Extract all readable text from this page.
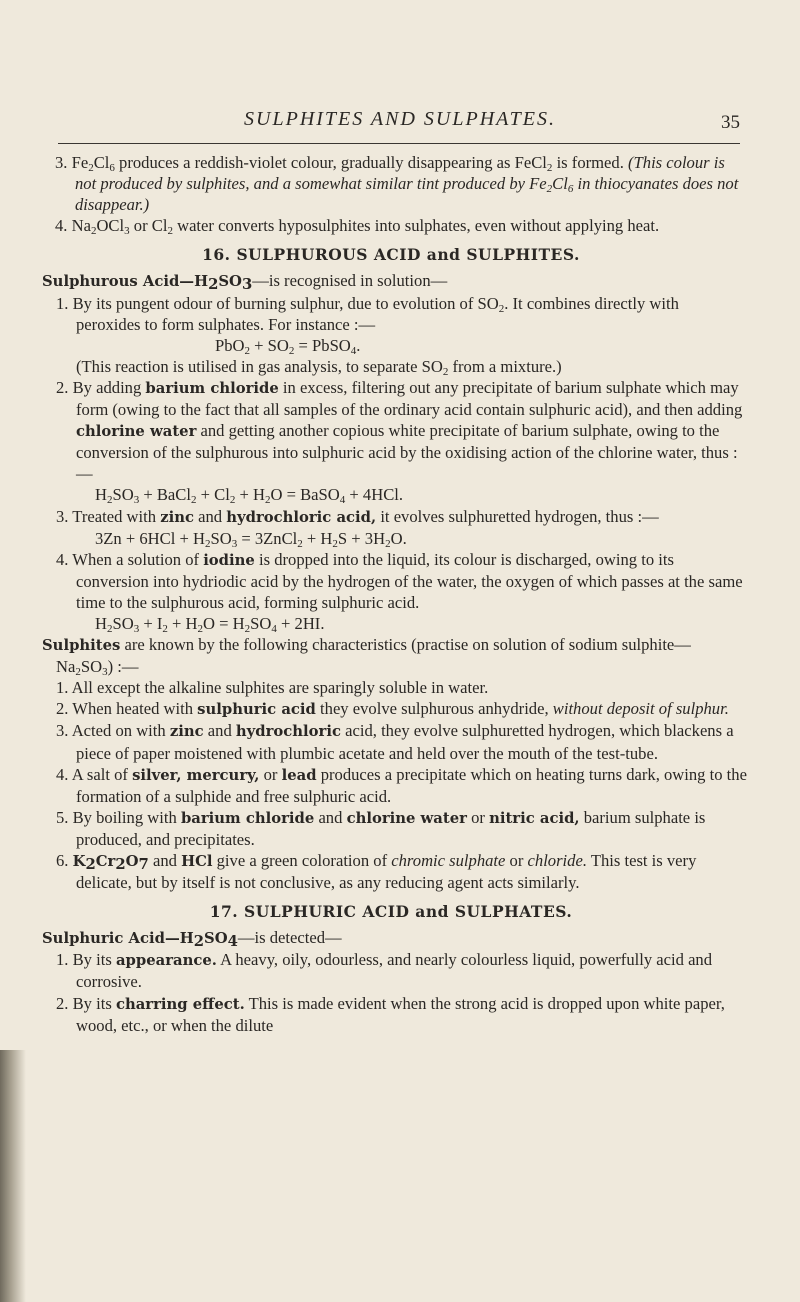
SULPHITES AND SULPHATES.	35

3. $Fe_2Cl_6$ produces a reddish-violet colour, gradually disappearing as FeCl$_2$ is formed. (This colour is not produced by sulphites, and a somewhat similar tint produced by $Fe_2Cl_6$ in thiocyanates does not disappear.)

4. $Na_2OCl_3$ or $Cl_2$ water converts hyposulphites into sulphates, even without applying heat.

16. SULPHUROUS ACID and SULPHITES.

Sulphurous $Acid—H_2SO_3—is$ recognised in solution—

1. By its pungent odour of burning sulphur, due to evolution of $SO_2$. It combines directly with peroxides to form sulphates. For instance :—

$PbO_2 + SO_2$ = PbSO$_4$.

(This reaction is utilised in gas analysis, to separate $SO_2$ from a mixture.)

2. By adding barium chloride in excess, filtering out any precipitate of barium sulphate which may form (owing to the fact that all samples of the ordinary acid contain sulphuric acid), and then adding chlorine water and getting another copious white precipitate of barium sulphate, owing to the conversion of the sulphurous into sulphuric acid by the oxidising action of the chlorine water, thus :—

$H_2SO_3$ + BaCl$_2$ + $Cl_2 + H_2O$ = BaSO$_4$ + 4HCl.

3. Treated with zinc and hydrochloric acid, it evolves sulphuretted hydrogen, thus :—

$3Zn + 6HCl + H_2SO_3$ = 3ZnCl$_2$ + $H_2S + 3H_2O$.

4. When a solution of iodine is dropped into the liquid, its colour is discharged, owing to its conversion into hydriodic acid by the hydrogen of the water, the oxygen of which passes at the same time to the sulphurous acid, forming sulphuric acid.

$H_2SO_3 + I_2 + H_2O = H_2SO_4 + 2HI$.

Sulphites are known by the following characteristics (practise on solution of sodium $sulphite—Na_2SO_3$) :—

1. All except the alkaline sulphites are sparingly soluble in water.

2. When heated with sulphuric acid they evolve sulphurous anhydride, without deposit of sulphur.

3. Acted on with zinc and hydrochloric acid, they evolve sulphuretted hydrogen, which blackens a piece of paper moistened with plumbic acetate and held over the mouth of the test-tube.

4. A salt of silver, mercury, or lead produces a precipitate which on heating turns dark, owing to the formation of a sulphide and free sulphuric acid.

5. By boiling with barium chloride and chlorine water or nitric acid, barium sulphate is produced, and precipitates.

6. $K_2Cr_2O_7$ and HCl give a green coloration of chromic sulphate or chloride. This test is very delicate, but by itself is not conclusive, as any reducing agent acts similarly.

17. SULPHURIC ACID and SULPHATES.

Sulphuric $Acid—H_2SO_4—is$ detected—

1. By its appearance. A heavy, oily, odourless, and nearly colourless liquid, powerfully acid and corrosive.

2. By its charring effect. This is made evident when the strong acid is dropped upon white paper, wood, etc., or when the dilute
